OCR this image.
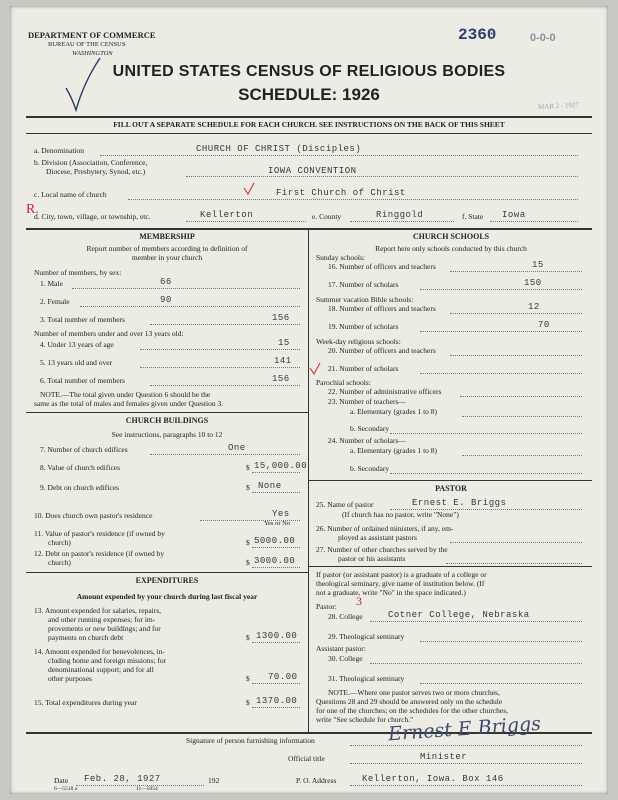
DEPARTMENT OF COMMERCE
BUREAU OF THE CENSUS
WASHINGTON
2360	0-0-0
MAR 2 - 1927
UNITED STATES CENSUS OF RELIGIOUS BODIES
SCHEDULE: 1926
FILL OUT A SEPARATE SCHEDULE FOR EACH CHURCH. SEE INSTRUCTIONS ON THE BACK OF THIS SHEET
a. Denomination	CHURCH OF CHRIST (Disciples)
b. Division (Association, Conference,
Diocese, Presbytery, Synod, etc.)	IOWA CONVENTION
c. Local name of church	First Church of Christ
R.
d. City, town, village, or township, etc.	Kellerton	e. County	Ringgold	f. State Iowa
MEMBERSHIP
Report number of members according to definition of
member in your church
Number of members, by sex:
1. Male	66
2. Female	90
3. Total number of members	156
Number of members under and over 13 years old:
4. Under 13 years of age	15
5. 13 years old and over	141
6. Total number of members	156
NOTE.—The total given under Question 6 should be the
same as the total of males and females given under Question 3.
CHURCH BUILDINGS
See instructions, paragraphs 10 to 12
7. Number of church edifices	One
8. Value of church edifices	$ 15,000.00
9. Debt on church edifices	$ None
10. Does church own pastor's residence	Yes
Yes or No
11. Value of pastor's residence (if owned by
church)	$ 5000.00
12. Debt on pastor's residence (if owned by
church)	$ 3000.00
EXPENDITURES
Amount expended by your church during last fiscal year
13. Amount expended for salaries, repairs,
and other running expenses; for im-
provements or new buildings; and for
payments on church debt	$ 1300.00
14. Amount expended for benevolences, in-
cluding home and foreign missions; for
denominational support; and for all
other purposes	$ 70.00
15. Total expenditures during year	$ 1370.00
CHURCH SCHOOLS
Report here only schools conducted by this church
Sunday schools:
16. Number of officers and teachers	15
17. Number of scholars	150
Summer vacation Bible schools:
18. Number of officers and teachers	12
19. Number of scholars	70
Week-day religious schools:
20. Number of officers and teachers
21. Number of scholars
Parochial schools:
22. Number of administrative officers
23. Number of teachers—
a. Elementary (grades 1 to 8)
b. Secondary
24. Number of scholars—
a. Elementary (grades 1 to 8)
b. Secondary
PASTOR
25. Name of pastor	Ernest E. Briggs
(If church has no pastor, write "None")
26. Number of ordained ministers, if any, em-
ployed as assistant pastors
27. Number of other churches served by the
pastor or his assistants
If pastor (or assistant pastor) is a graduate of a college or
theological seminary, give name of institution below. (If
not a graduate, write "No" in the space indicated.)
Pastor: 3
28. College	Cotner College, Nebraska
29. Theological seminary
Assistant pastor:
30. College
31. Theological seminary
NOTE.—Where one pastor serves two or more churches,
Questions 28 and 29 should be answered only on the schedule
for one of the churches; on the schedules for the other churches,
write "See schedule for church."
Signature of person furnishing information	Ernest E Briggs
Official title	Minister
Date Feb. 28, 1927	192	P. O. Address	Kellerton, Iowa. Box 146
6—5518 a	11—5054
